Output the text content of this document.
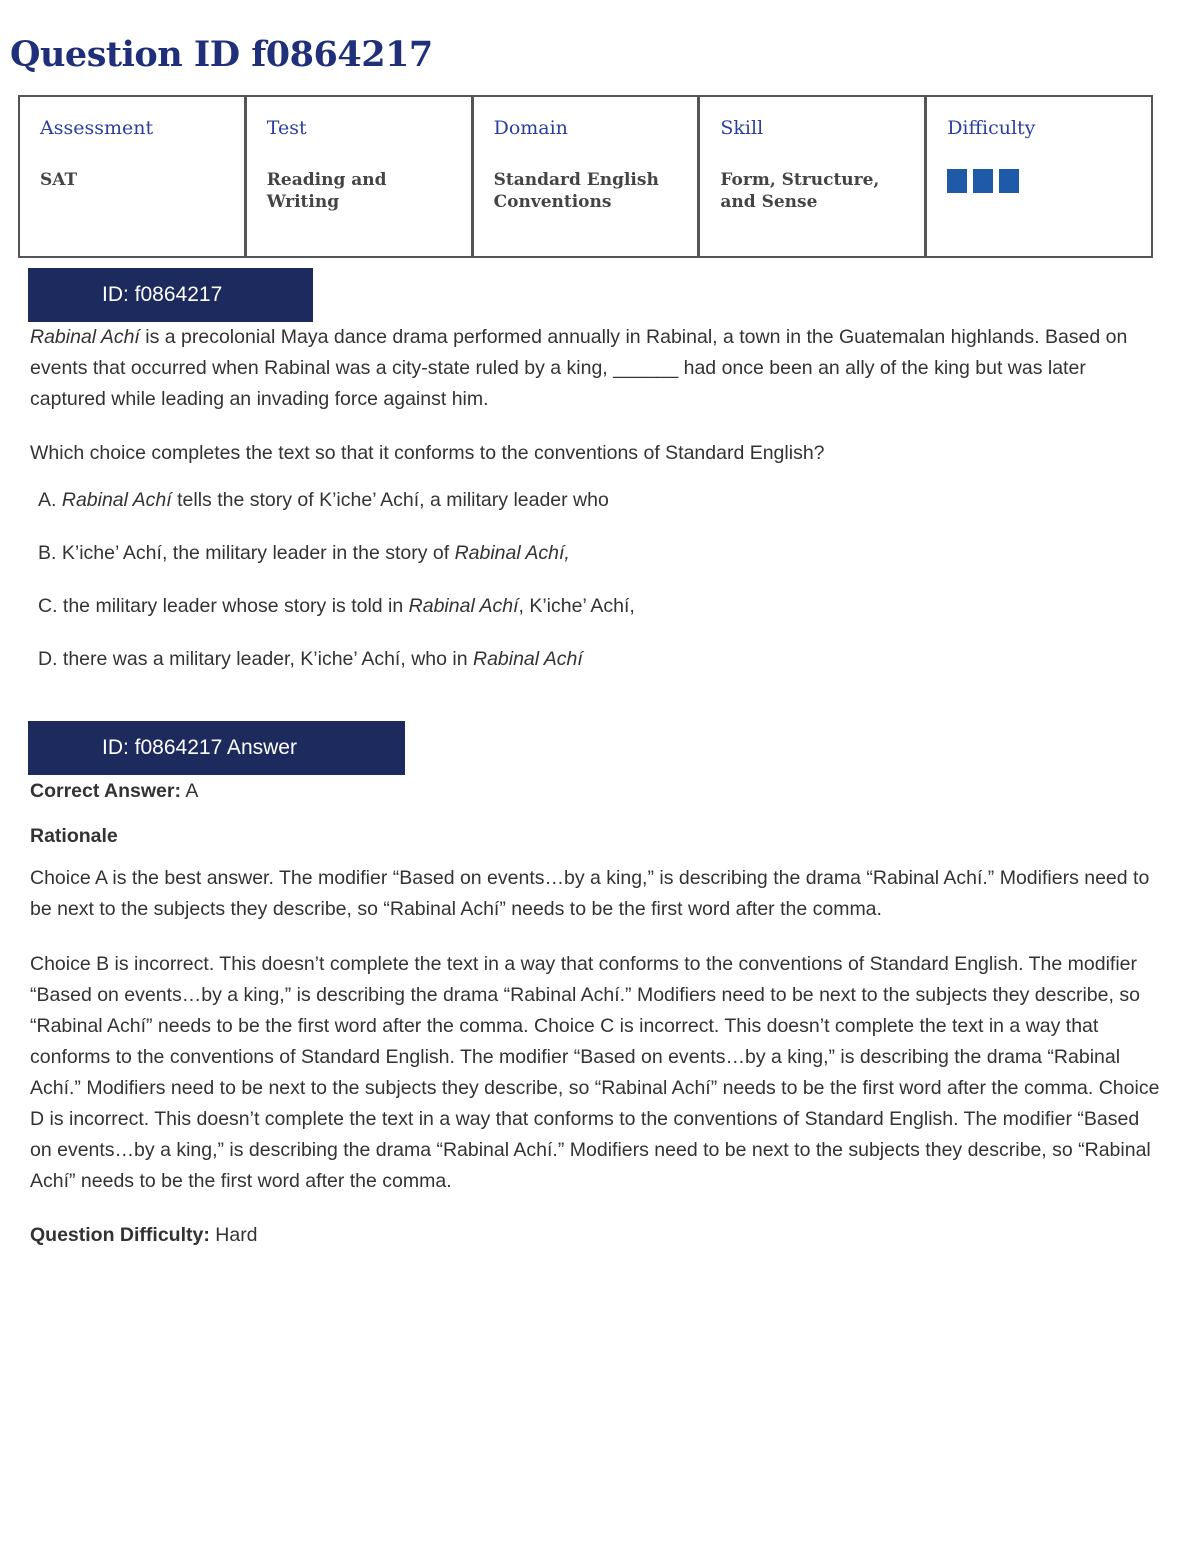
Question ID f0864217
Assessment
SAT
Test
Reading and Writing
Domain
Standard English Conventions
Skill
Form, Structure, and Sense
Difficulty
ID: f0864217

Rabinal Achí is a precolonial Maya dance drama performed annually in Rabinal, a town in the Guatemalan highlands. Based on events that occurred when Rabinal was a city-state ruled by a king, ______ had once been an ally of the king but was later captured while leading an invading force against him.

Which choice completes the text so that it conforms to the conventions of Standard English?

A. Rabinal Achí tells the story of K’iche’ Achí, a military leader who

B. K’iche’ Achí, the military leader in the story of Rabinal Achí,

C. the military leader whose story is told in Rabinal Achí, K’iche’ Achí,

D. there was a military leader, K’iche’ Achí, who in Rabinal Achí

ID: f0864217 Answer

Correct Answer: A

Rationale

Choice A is the best answer. The modifier “Based on events…by a king,” is describing the drama “Rabinal Achí.” Modifiers need to be next to the subjects they describe, so “Rabinal Achí” needs to be the first word after the comma.

Choice B is incorrect. This doesn’t complete the text in a way that conforms to the conventions of Standard English. The modifier “Based on events…by a king,” is describing the drama “Rabinal Achí.” Modifiers need to be next to the subjects they describe, so “Rabinal Achí” needs to be the first word after the comma. Choice C is incorrect. This doesn’t complete the text in a way that conforms to the conventions of Standard English. The modifier “Based on events…by a king,” is describing the drama “Rabinal Achí.” Modifiers need to be next to the subjects they describe, so “Rabinal Achí” needs to be the first word after the comma. Choice D is incorrect. This doesn’t complete the text in a way that conforms to the conventions of Standard English. The modifier “Based on events…by a king,” is describing the drama “Rabinal Achí.” Modifiers need to be next to the subjects they describe, so “Rabinal Achí” needs to be the first word after the comma.

Question Difficulty: Hard
